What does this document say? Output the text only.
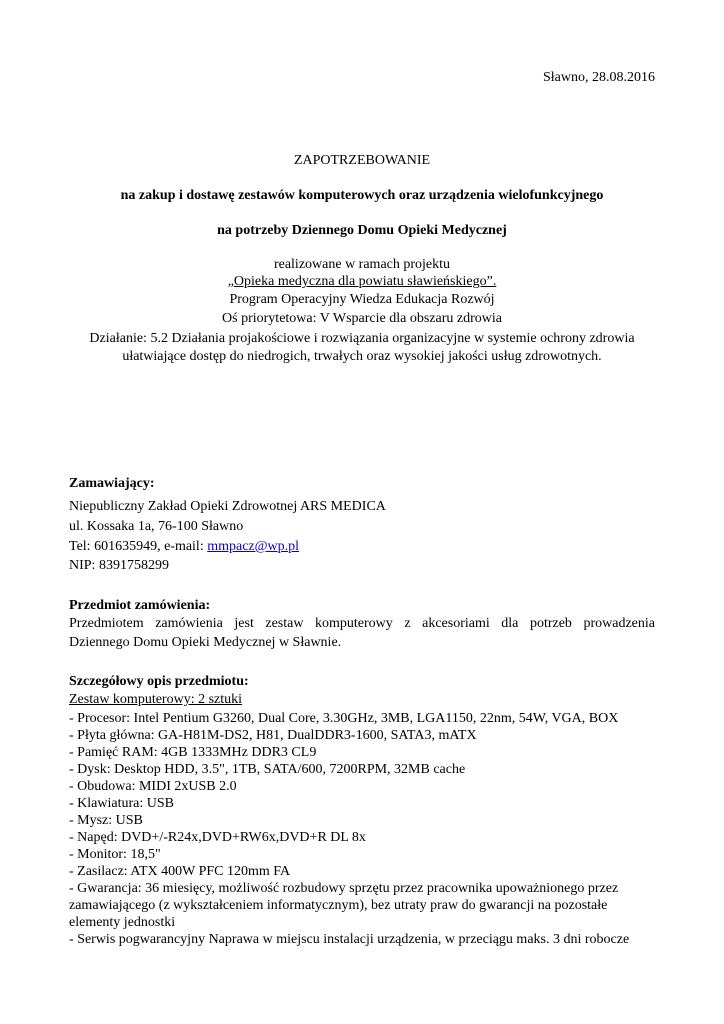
Sławno, 28.08.2016
ZAPOTRZEBOWANIE
na zakup i dostawę zestawów komputerowych oraz urządzenia wielofunkcyjnego
na potrzeby Dziennego Domu Opieki Medycznej
realizowane w ramach projektu
„Opieka medyczna dla powiatu sławieńskiego”.
Program Operacyjny Wiedza Edukacja Rozwój
Oś priorytetowa: V Wsparcie dla obszaru zdrowia
Działanie: 5.2 Działania projakościowe i rozwiązania organizacyjne w systemie ochrony zdrowia
ułatwiające dostęp do niedrogich, trwałych oraz wysokiej jakości usług zdrowotnych.
Zamawiający:
Niepubliczny Zakład Opieki Zdrowotnej ARS MEDICA
ul. Kossaka 1a, 76-100 Sławno
Tel: 601635949, e-mail: mmpacz@wp.pl
NIP: 8391758299
Przedmiot zamówienia:
Przedmiotem zamówienia jest zestaw komputerowy z akcesoriami dla potrzeb prowadzenia
Dziennego Domu Opieki Medycznej w Sławnie.
Szczegółowy opis przedmiotu:
Zestaw komputerowy: 2 sztuki
- Procesor: Intel Pentium G3260, Dual Core, 3.30GHz, 3MB, LGA1150, 22nm, 54W, VGA, BOX
- Płyta główna: GA-H81M-DS2, H81, DualDDR3-1600, SATA3, mATX
- Pamięć RAM: 4GB 1333MHz DDR3 CL9
- Dysk: Desktop HDD, 3.5", 1TB, SATA/600, 7200RPM, 32MB cache
- Obudowa: MIDI 2xUSB 2.0
- Klawiatura: USB
- Mysz: USB
- Napęd: DVD+/-R24x,DVD+RW6x,DVD+R DL 8x
- Monitor: 18,5"
- Zasilacz: ATX 400W PFC 120mm FA
- Gwarancja: 36 miesięcy, możliwość rozbudowy sprzętu przez pracownika upoważnionego przez
zamawiającego (z wykształceniem informatycznym), bez utraty praw do gwarancji na pozostałe
elementy jednostki
- Serwis pogwarancyjny Naprawa w miejscu instalacji urządzenia, w przeciągu maks. 3 dni robocze
